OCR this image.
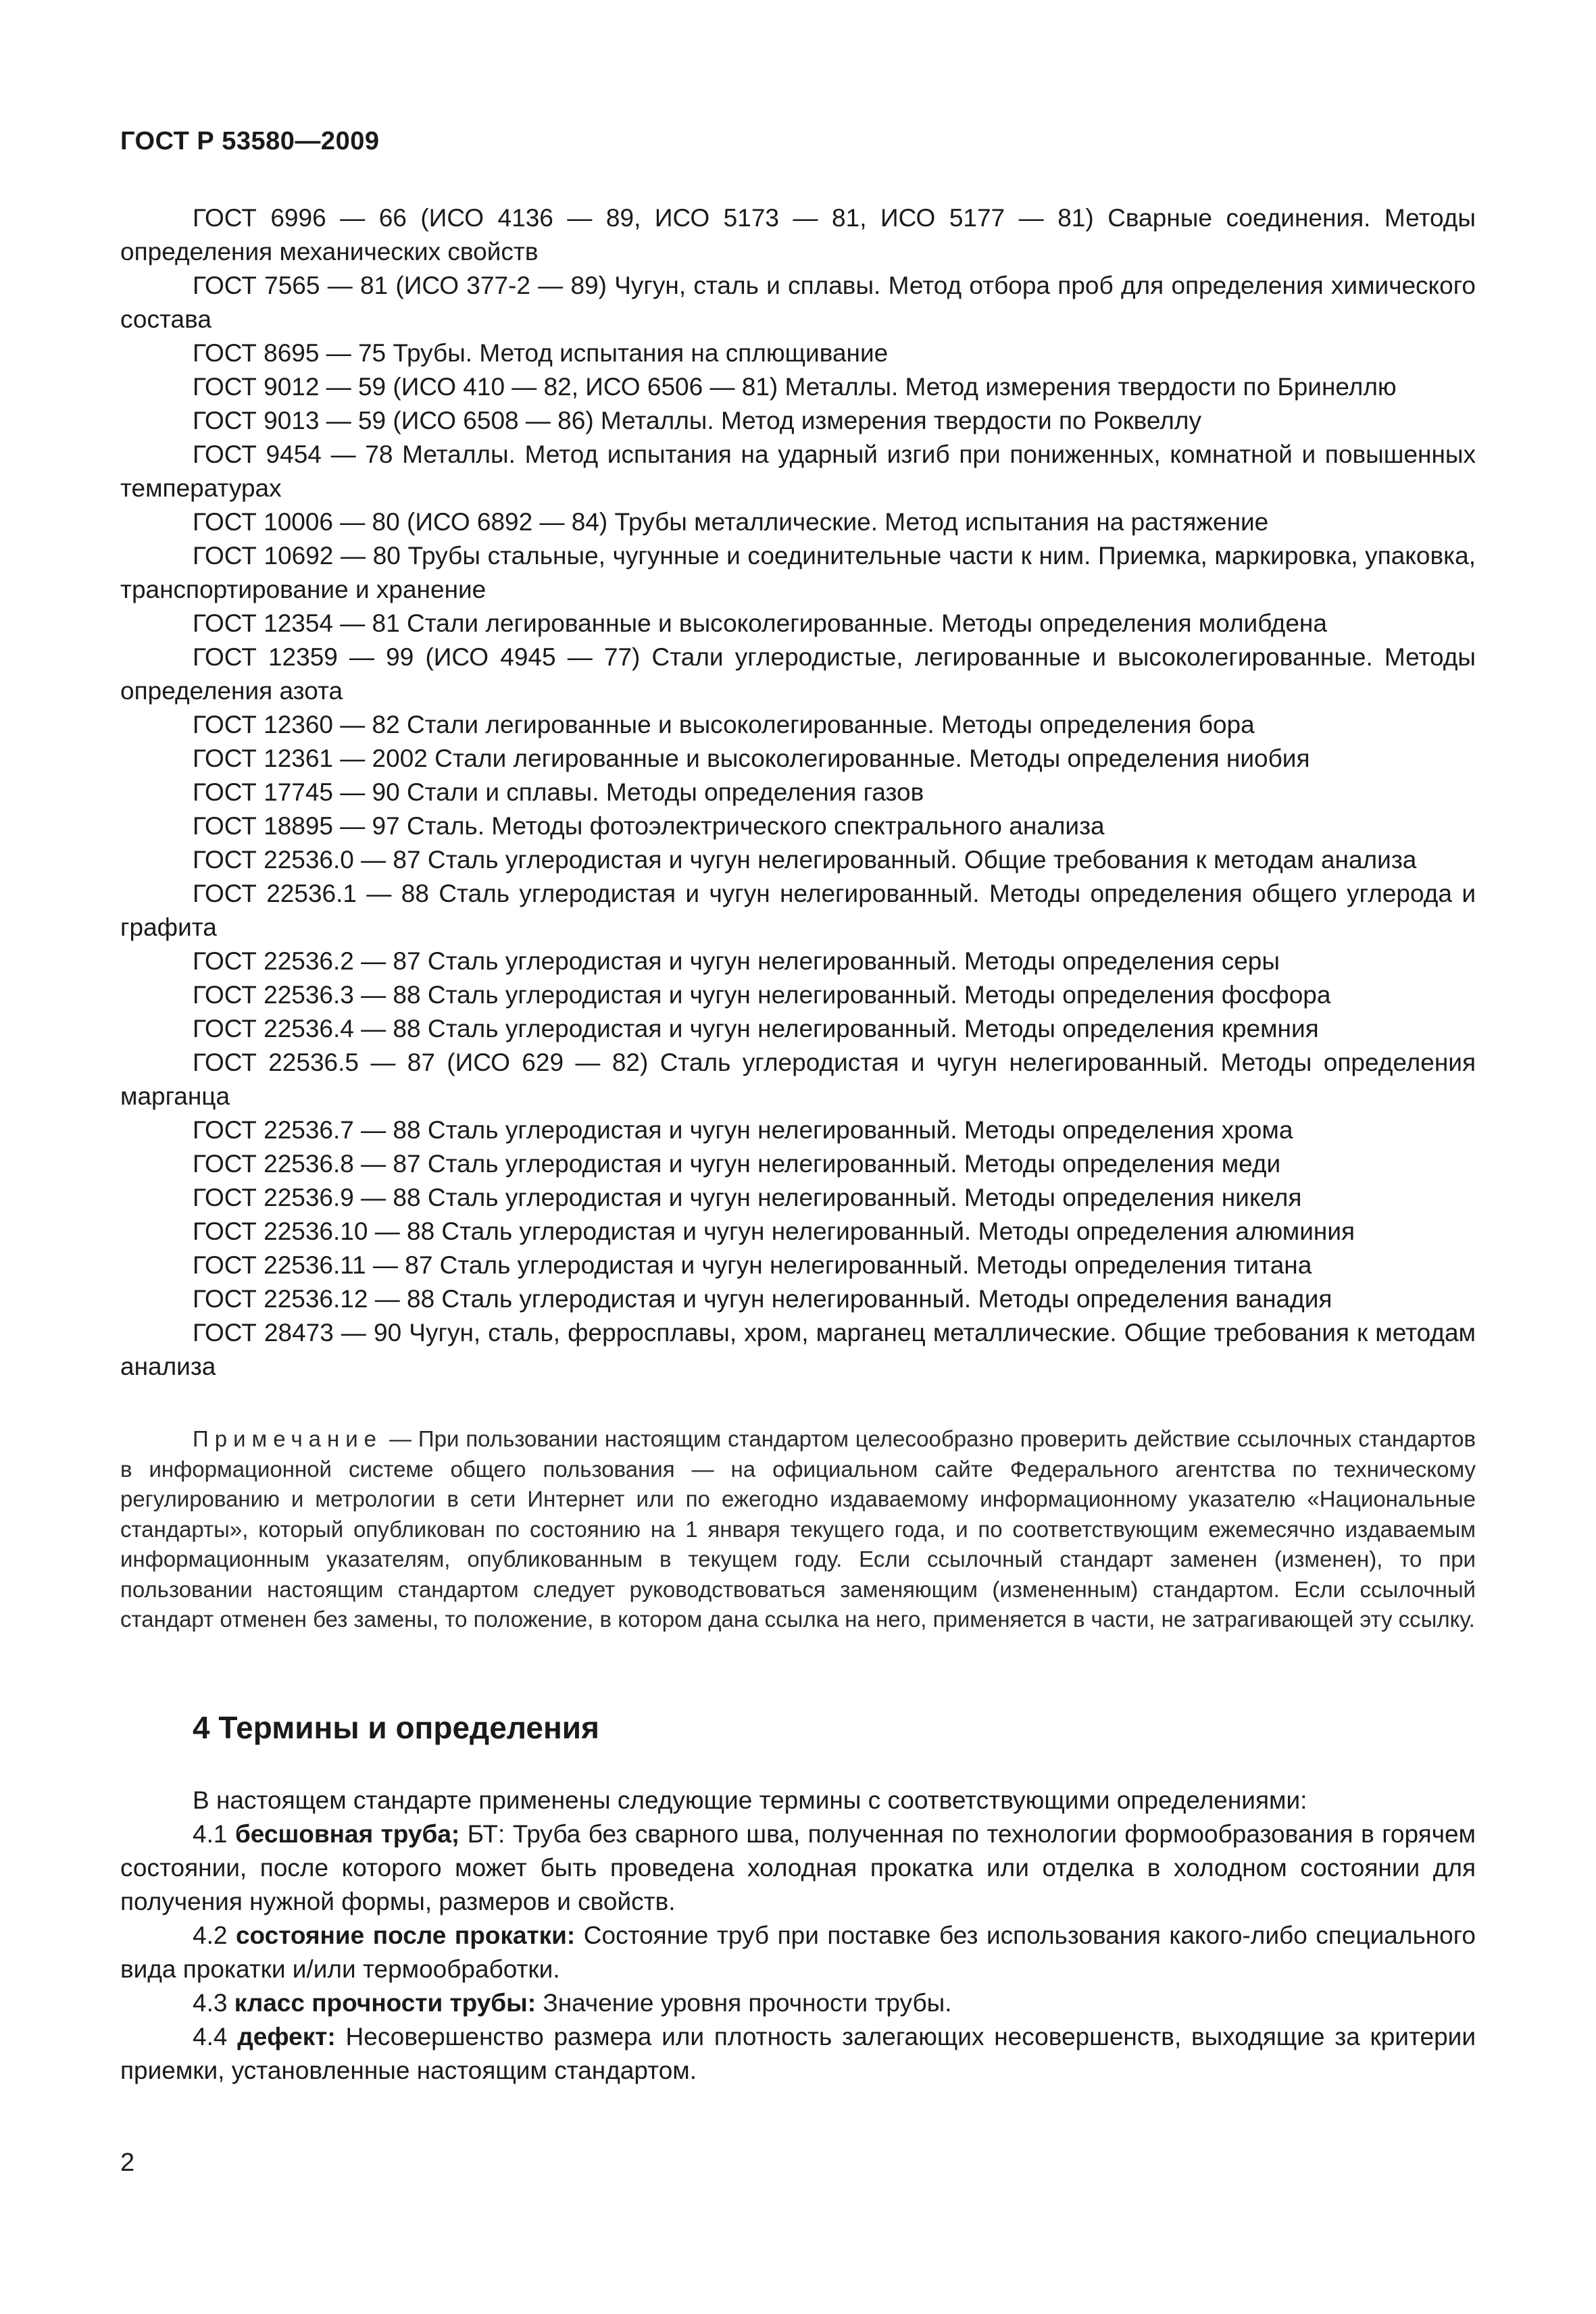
ГОСТ Р 53580—2009

ГОСТ 6996 — 66 (ИСО 4136 — 89, ИСО 5173 — 81, ИСО 5177 — 81) Сварные соединения. Методы определения механических свойств

ГОСТ 7565 — 81 (ИСО 377-2 — 89) Чугун, сталь и сплавы. Метод отбора проб для определения химического состава

ГОСТ 8695 — 75 Трубы. Метод испытания на сплющивание

ГОСТ 9012 — 59 (ИСО 410 — 82, ИСО 6506 — 81) Металлы. Метод измерения твердости по Бринеллю

ГОСТ 9013 — 59 (ИСО 6508 — 86) Металлы. Метод измерения твердости по Роквеллу

ГОСТ 9454 — 78 Металлы. Метод испытания на ударный изгиб при пониженных, комнатной и повышенных температурах

ГОСТ 10006 — 80 (ИСО 6892 — 84) Трубы металлические. Метод испытания на растяжение

ГОСТ 10692 — 80 Трубы стальные, чугунные и соединительные части к ним. Приемка, маркировка, упаковка, транспортирование и хранение

ГОСТ 12354 — 81 Стали легированные и высоколегированные. Методы определения молибдена

ГОСТ 12359 — 99 (ИСО 4945 — 77) Стали углеродистые, легированные и высоколегированные. Методы определения азота

ГОСТ 12360 — 82 Стали легированные и высоколегированные. Методы определения бора

ГОСТ 12361 — 2002 Стали легированные и высоколегированные. Методы определения ниобия

ГОСТ 17745 — 90 Стали и сплавы. Методы определения газов

ГОСТ 18895 — 97 Сталь. Методы фотоэлектрического спектрального анализа

ГОСТ 22536.0 — 87 Сталь углеродистая и чугун нелегированный. Общие требования к методам анализа

ГОСТ 22536.1 — 88 Сталь углеродистая и чугун нелегированный. Методы определения общего углерода и графита

ГОСТ 22536.2 — 87 Сталь углеродистая и чугун нелегированный. Методы определения серы

ГОСТ 22536.3 — 88 Сталь углеродистая и чугун нелегированный. Методы определения фосфора

ГОСТ 22536.4 — 88 Сталь углеродистая и чугун нелегированный. Методы определения кремния

ГОСТ 22536.5 — 87 (ИСО 629 — 82) Сталь углеродистая и чугун нелегированный. Методы определения марганца

ГОСТ 22536.7 — 88 Сталь углеродистая и чугун нелегированный. Методы определения хрома

ГОСТ 22536.8 — 87 Сталь углеродистая и чугун нелегированный. Методы определения меди

ГОСТ 22536.9 — 88 Сталь углеродистая и чугун нелегированный. Методы определения никеля

ГОСТ 22536.10 — 88 Сталь углеродистая и чугун нелегированный. Методы определения алюминия

ГОСТ 22536.11 — 87 Сталь углеродистая и чугун нелегированный. Методы определения титана

ГОСТ 22536.12 — 88 Сталь углеродистая и чугун нелегированный. Методы определения ванадия

ГОСТ 28473 — 90 Чугун, сталь, ферросплавы, хром, марганец металлические. Общие требования к методам анализа

Примечание — При пользовании настоящим стандартом целесообразно проверить действие ссылочных стандартов в информационной системе общего пользования — на официальном сайте Федерального агентства по техническому регулированию и метрологии в сети Интернет или по ежегодно издаваемому информационному указателю «Национальные стандарты», который опубликован по состоянию на 1 января текущего года, и по соответствующим ежемесячно издаваемым информационным указателям, опубликованным в текущем году. Если ссылочный стандарт заменен (изменен), то при пользовании настоящим стандартом следует руководствоваться заменяющим (измененным) стандартом. Если ссылочный стандарт отменен без замены, то положение, в котором дана ссылка на него, применяется в части, не затрагивающей эту ссылку.

4 Термины и определения

В настоящем стандарте применены следующие термины с соответствующими определениями:

4.1 бесшовная труба; БТ: Труба без сварного шва, полученная по технологии формообразования в горячем состоянии, после которого может быть проведена холодная прокатка или отделка в холодном состоянии для получения нужной формы, размеров и свойств.

4.2 состояние после прокатки: Состояние труб при поставке без использования какого-либо специального вида прокатки и/или термообработки.

4.3 класс прочности трубы: Значение уровня прочности трубы.

4.4 дефект: Несовершенство размера или плотность залегающих несовершенств, выходящие за критерии приемки, установленные настоящим стандартом.

2
